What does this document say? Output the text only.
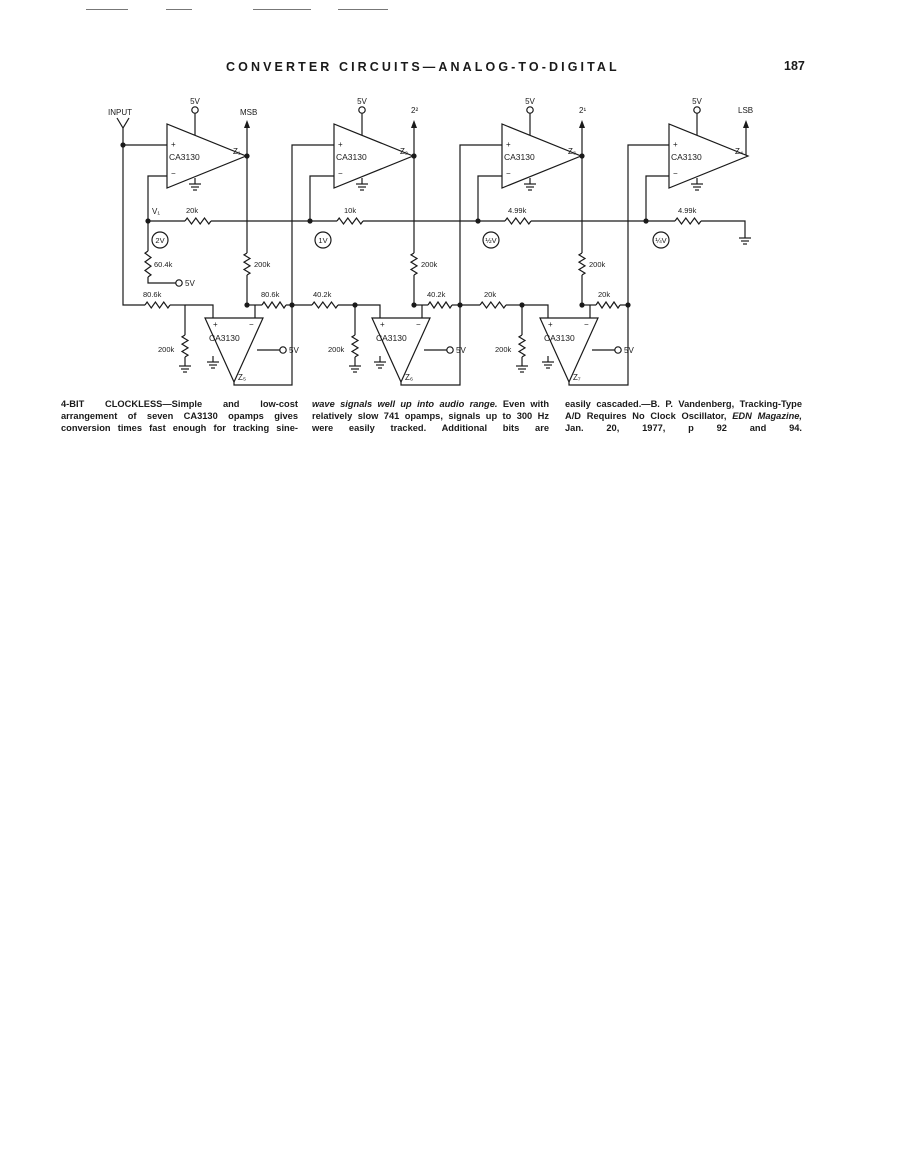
CONVERTER CIRCUITS—ANALOG-TO-DIGITAL	187
+
−
CA3130
Z₁
5V
+
−
CA3130
Z₂
5V
+
−
CA3130
Z₃
5V
+
−
CA3130
Z₄
5V
+	−
CA3130
Z₅
5V
+	−
CA3130
Z₆
5V
+	−
CA3130
Z₇
5V
INPUT
V₁
5V
60.4k
20k	10k	4.99k	4.99k
2V	1V	½V	¼V
200k	200k	200k
MSB	2²	2¹	LSB
80.6k
200k
80.6k	40.2k
200k
40.2k	20k
200k
20k
4-BIT CLOCKLESS—Simple and low-cost arrangement of seven CA3130 opamps gives conversion times fast enough for tracking sine-
wave signals well up into audio range. Even with relatively slow 741 opamps, signals up to 300 Hz were easily tracked. Additional bits are
easily cascaded.—B. P. Vandenberg, Tracking-Type A/D Requires No Clock Oscillator, EDN Magazine, Jan. 20, 1977, p 92 and 94.
